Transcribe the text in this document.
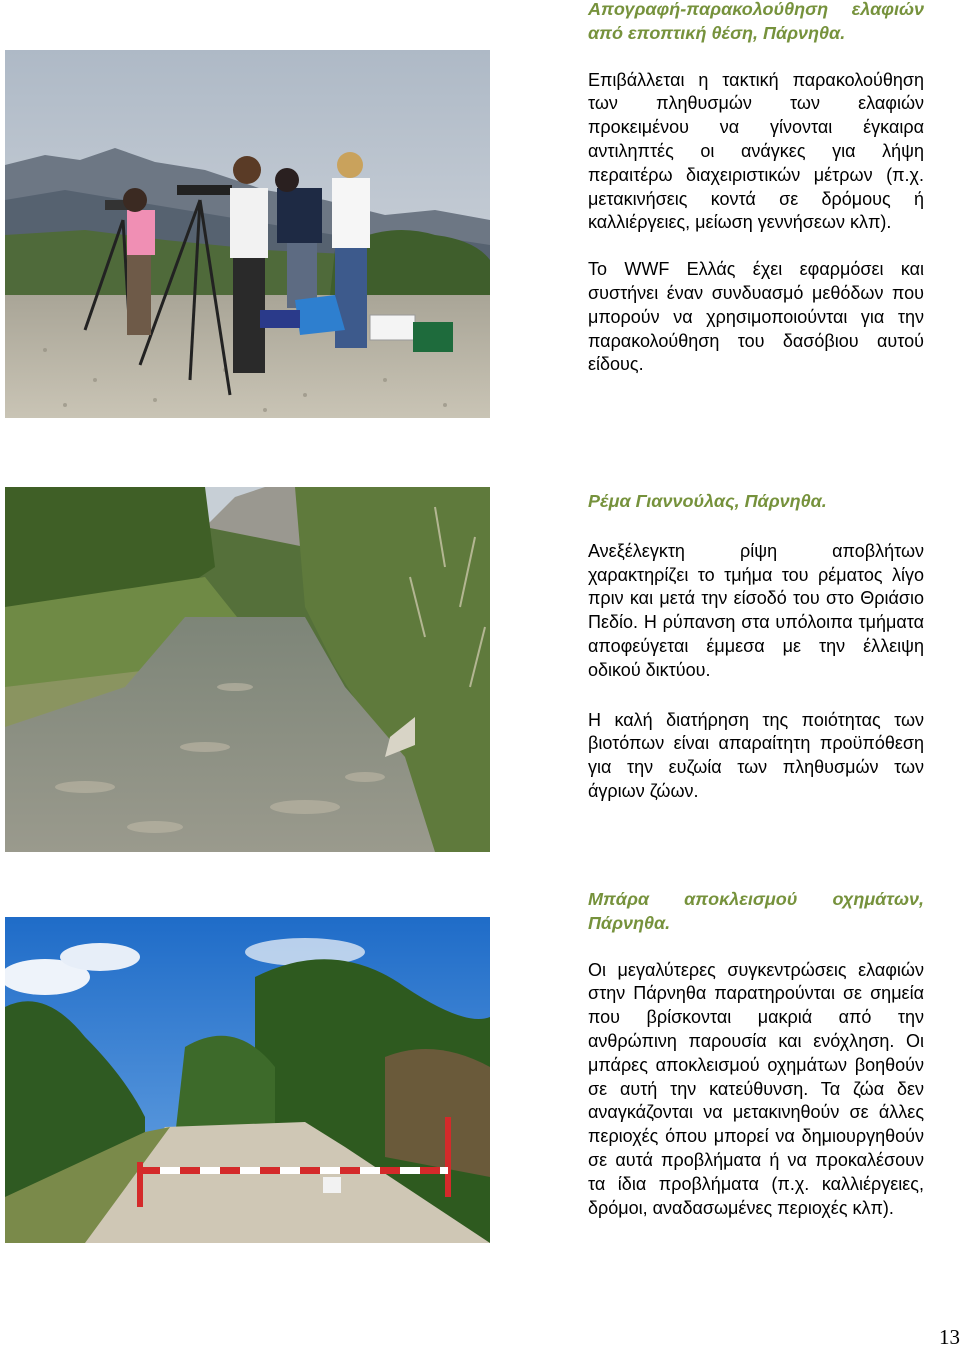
Απογραφή-παρακολούθηση ελαφιών από εποπτική θέση, Πάρνηθα.

Επιβάλλεται η τακτική παρακολούθηση των πληθυσμών των ελαφιών προκειμένου να γίνονται έγκαιρα αντιληπτές οι ανάγκες για λήψη περαιτέρω διαχειριστικών μέτρων (π.χ. μετακινήσεις κοντά σε δρόμους ή καλλιέργειες, μείωση γεννήσεων κλπ).

Το WWF Ελλάς έχει εφαρμόσει και συστήνει έναν συνδυασμό μεθόδων που μπορούν να χρησιμοποιούνται για την παρακολούθηση του δασόβιου αυτού είδους.

Ρέμα Γιαννούλας, Πάρνηθα.

Ανεξέλεγκτη ρίψη αποβλήτων χαρακτηρίζει το τμήμα του ρέματος λίγο πριν και μετά την είσοδό του στο Θριάσιο Πεδίο. Η ρύπανση στα υπόλοιπα τμήματα αποφεύγεται έμμεσα με την έλλειψη οδικού δικτύου.

Η καλή διατήρηση της ποιότητας των βιοτόπων είναι απαραίτητη προϋπόθεση για την ευζωία των πληθυσμών των άγριων ζώων.

Μπάρα αποκλεισμού οχημάτων, Πάρνηθα.

Οι μεγαλύτερες συγκεντρώσεις ελαφιών στην Πάρνηθα παρατηρούνται σε σημεία που βρίσκονται μακριά από την ανθρώπινη παρουσία και ενόχληση. Οι μπάρες αποκλεισμού οχημάτων βοηθούν σε αυτή την κατεύθυνση. Τα ζώα δεν αναγκάζονται να μετακινηθούν σε άλλες περιοχές όπου μπορεί να δημιουργηθούν σε αυτά προβλήματα ή να προκαλέσουν τα ίδια προβλήματα (π.χ. καλλιέργειες, δρόμοι, αναδασωμένες περιοχές κλπ).

13
